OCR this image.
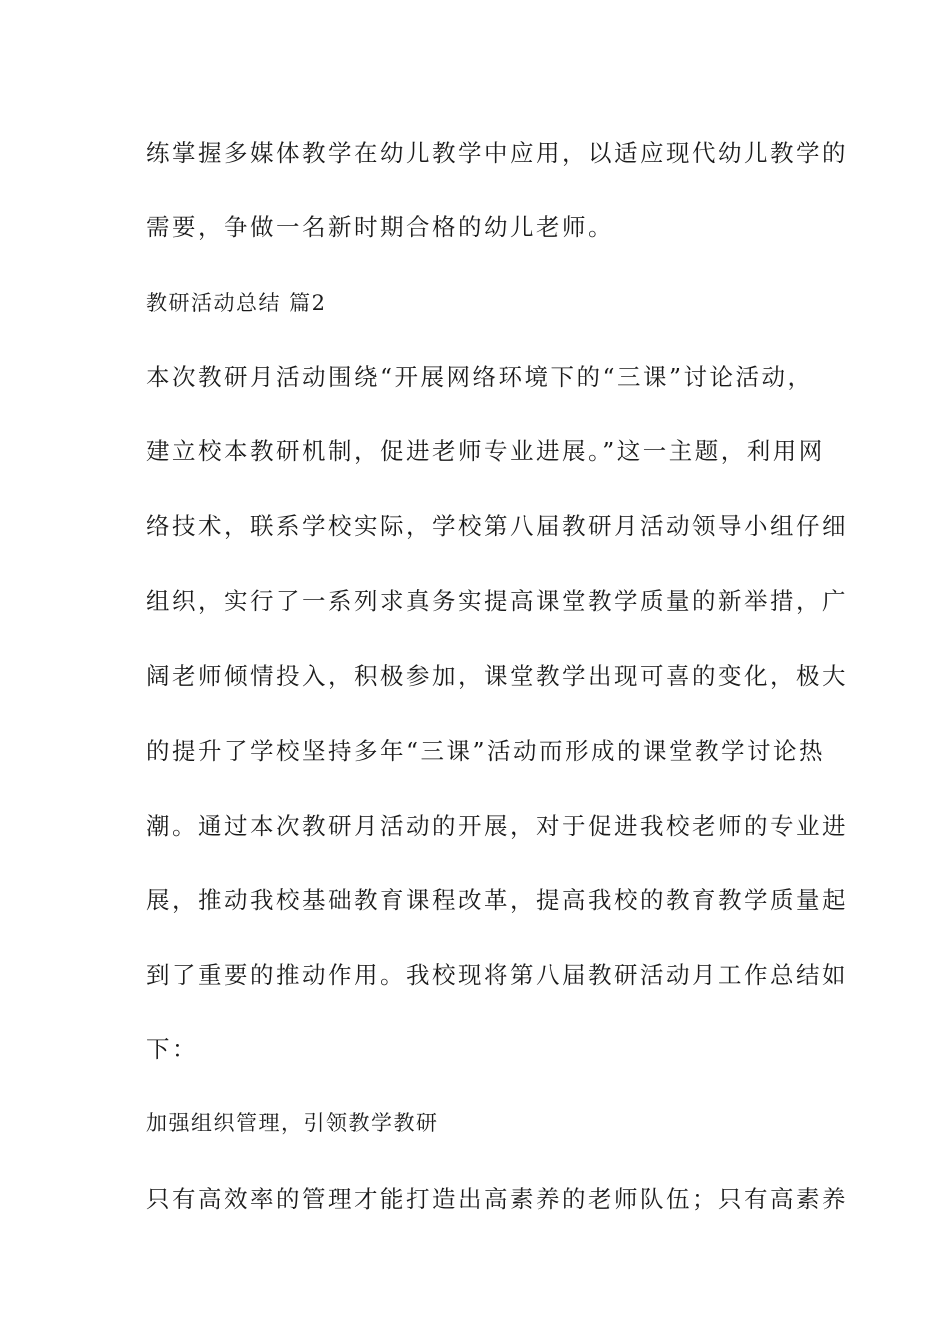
练掌握多媒体教学在幼儿教学中应用，以适应现代幼儿教学的
需要，争做一名新时期合格的幼儿老师。
教研活动总结 篇2
本次教研月活动围绕“开展网络环境下的“三课”讨论活动，
建立校本教研机制，促进老师专业进展。”这一主题，利用网
络技术，联系学校实际，学校第八届教研月活动领导小组仔细
组织，实行了一系列求真务实提高课堂教学质量的新举措，广
阔老师倾情投入，积极参加，课堂教学出现可喜的变化，极大
的提升了学校坚持多年“三课”活动而形成的课堂教学讨论热
潮。通过本次教研月活动的开展，对于促进我校老师的专业进
展，推动我校基础教育课程改革，提高我校的教育教学质量起
到了重要的推动作用。我校现将第八届教研活动月工作总结如
下：
加强组织管理，引领教学教研
只有高效率的管理才能打造出高素养的老师队伍；只有高素养
